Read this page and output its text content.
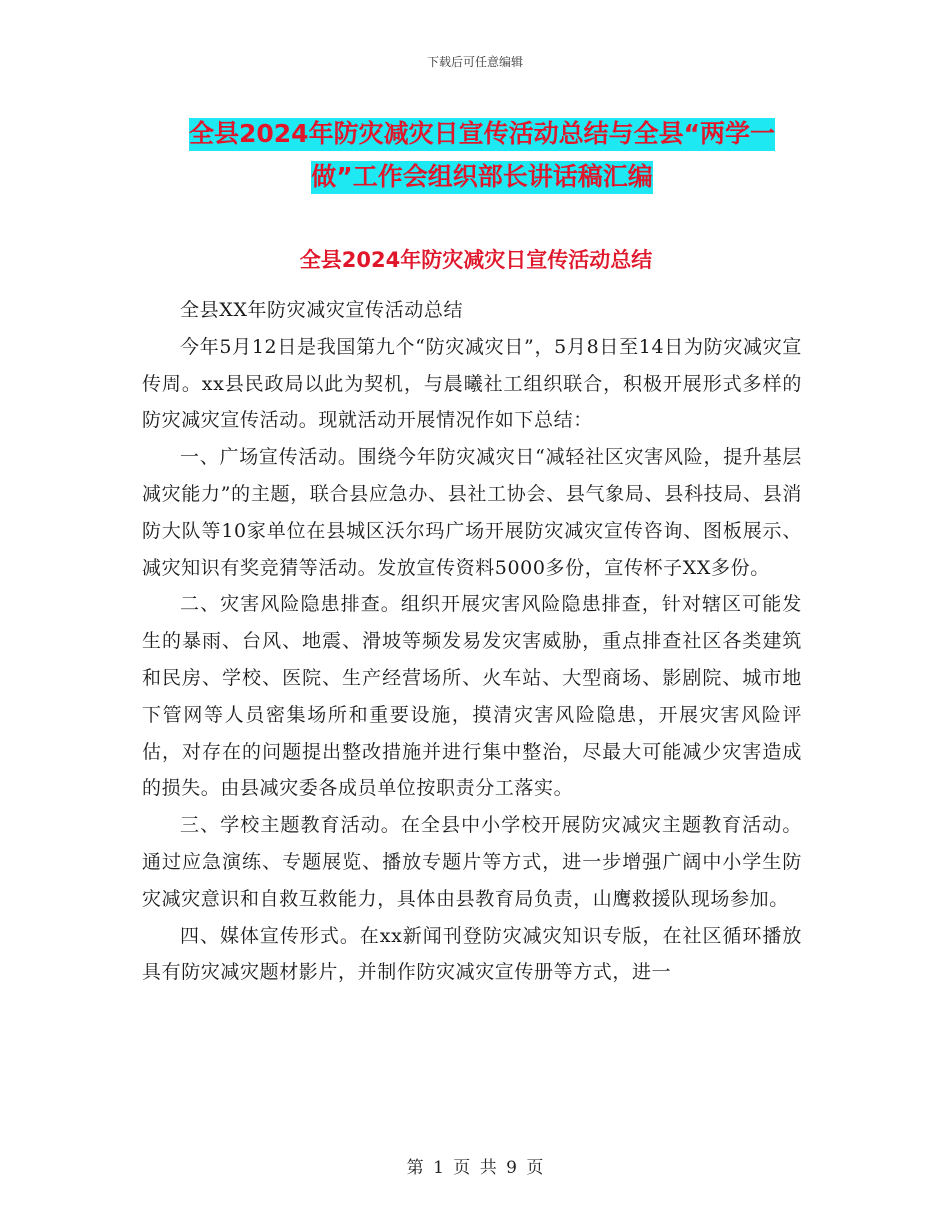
下载后可任意编辑
全县2024年防灾减灾日宣传活动总结与全县“两学一
做”工作会组织部长讲话稿汇编
全县2024年防灾减灾日宣传活动总结

全县XX年防灾减灾宣传活动总结

今年5月12日是我国第九个“防灾减灾日”，5月8日至14日为防灾减灾宣传周。xx县民政局以此为契机，与晨曦社工组织联合，积极开展形式多样的防灾减灾宣传活动。现就活动开展情况作如下总结：

一、广场宣传活动。围绕今年防灾减灾日“减轻社区灾害风险，提升基层减灾能力”的主题，联合县应急办、县社工协会、县气象局、县科技局、县消防大队等10家单位在县城区沃尔玛广场开展防灾减灾宣传咨询、图板展示、减灾知识有奖竞猜等活动。发放宣传资料5000多份，宣传杯子XX多份。

二、灾害风险隐患排查。组织开展灾害风险隐患排查，针对辖区可能发生的暴雨、台风、地震、滑坡等频发易发灾害威胁，重点排查社区各类建筑和民房、学校、医院、生产经营场所、火车站、大型商场、影剧院、城市地下管网等人员密集场所和重要设施，摸清灾害风险隐患，开展灾害风险评估，对存在的问题提出整改措施并进行集中整治，尽最大可能减少灾害造成的损失。由县减灾委各成员单位按职责分工落实。

三、学校主题教育活动。在全县中小学校开展防灾减灾主题教育活动。通过应急演练、专题展览、播放专题片等方式，进一步增强广阔中小学生防灾减灾意识和自救互救能力，具体由县教育局负责，山鹰救援队现场参加。

四、媒体宣传形式。在xx新闻刊登防灾减灾知识专版，在社区循环播放具有防灾减灾题材影片，并制作防灾减灾宣传册等方式，进一

第 1 页 共 9 页
